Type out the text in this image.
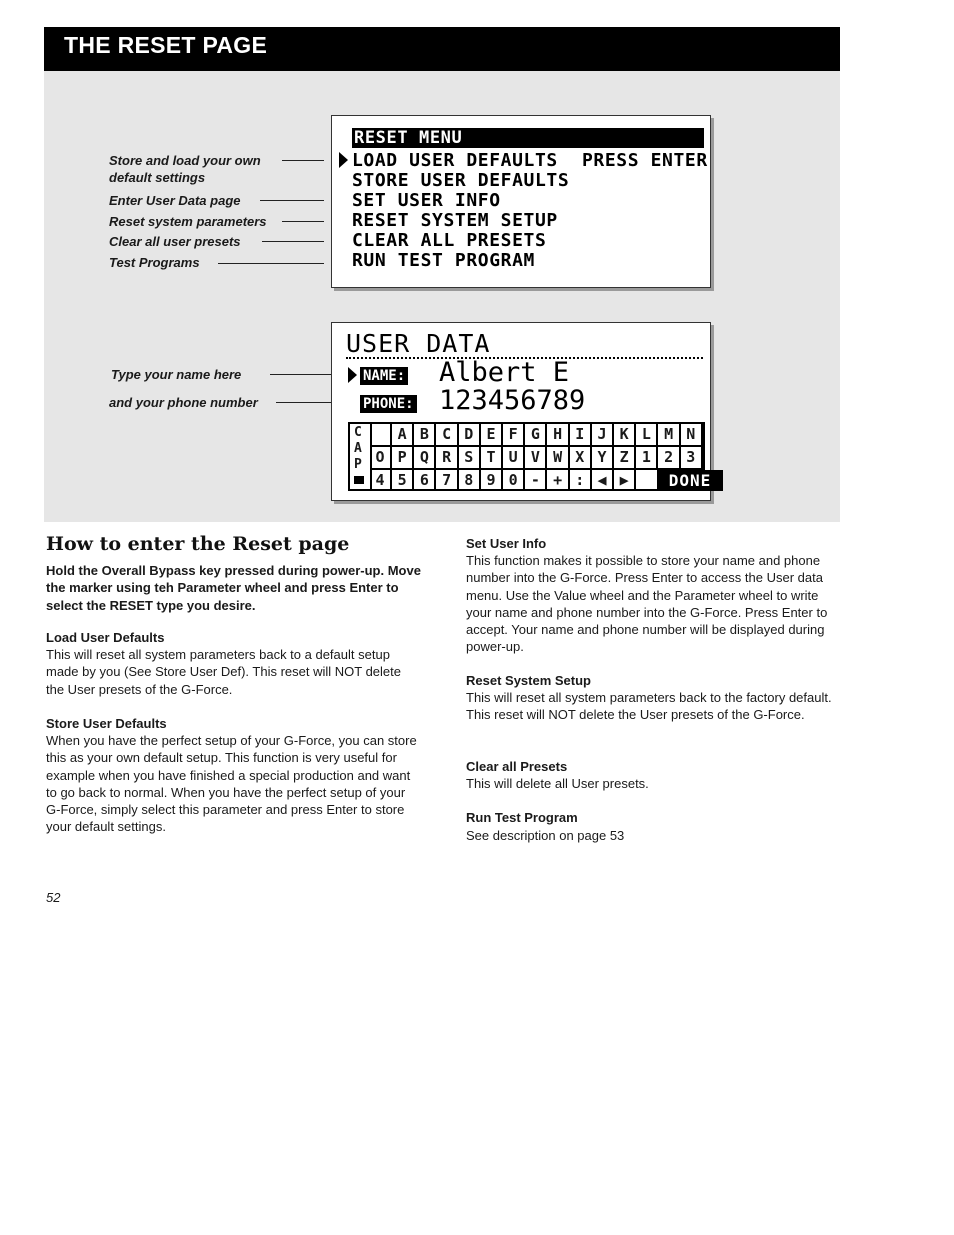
THE RESET PAGE
Store and load your own default settings
Enter User Data page
Reset system parameters
Clear all user presets
Test Programs
RESET MENU
LOAD USER DEFAULTS PRESS ENTER
STORE USER DEFAULTS
SET USER INFO
RESET SYSTEM SETUP
CLEAR ALL PRESETS
RUN TEST PROGRAM
Type your name here
and your phone number
USER DATA
NAME: Albert E
PHONE: 123456789
C
A
P
N
M
L
K
J
I
H
G
F
E
D
C
B
A
3
2
1
Z
Y
X
W
V
U
T
S
R
Q
P
O
▶
◀
:
+
-
0
9
8
7
6
5
4	DONE
How to enter the Reset page
Hold the Overall Bypass key pressed during power-up. Move the marker using teh Parameter wheel and press Enter to select the RESET type you desire.
Load User Defaults
This will reset all system parameters back to a default setup made by you (See Store User Def). This reset will NOT delete the User presets of the G-Force.
Store User Defaults
When you have the perfect setup of your G-Force, you can store this as your own default setup. This function is very useful for example when you have finished a special production and want to go back to normal. When you have the perfect setup of your G-Force, simply select this parameter and press Enter to store your default settings.
Set User Info
This function makes it possible to store your name and phone number into the G-Force. Press Enter to access the User data menu. Use the Value wheel and the Parameter wheel to write your name and phone number into the G-Force. Press Enter to accept. Your name and phone number will be displayed during power-up.
Reset System Setup
This will reset all system parameters back to the factory default. This reset will NOT delete the User presets of the G-Force.
Clear all Presets
This will delete all User presets.
Run Test Program
See description on page 53
52
